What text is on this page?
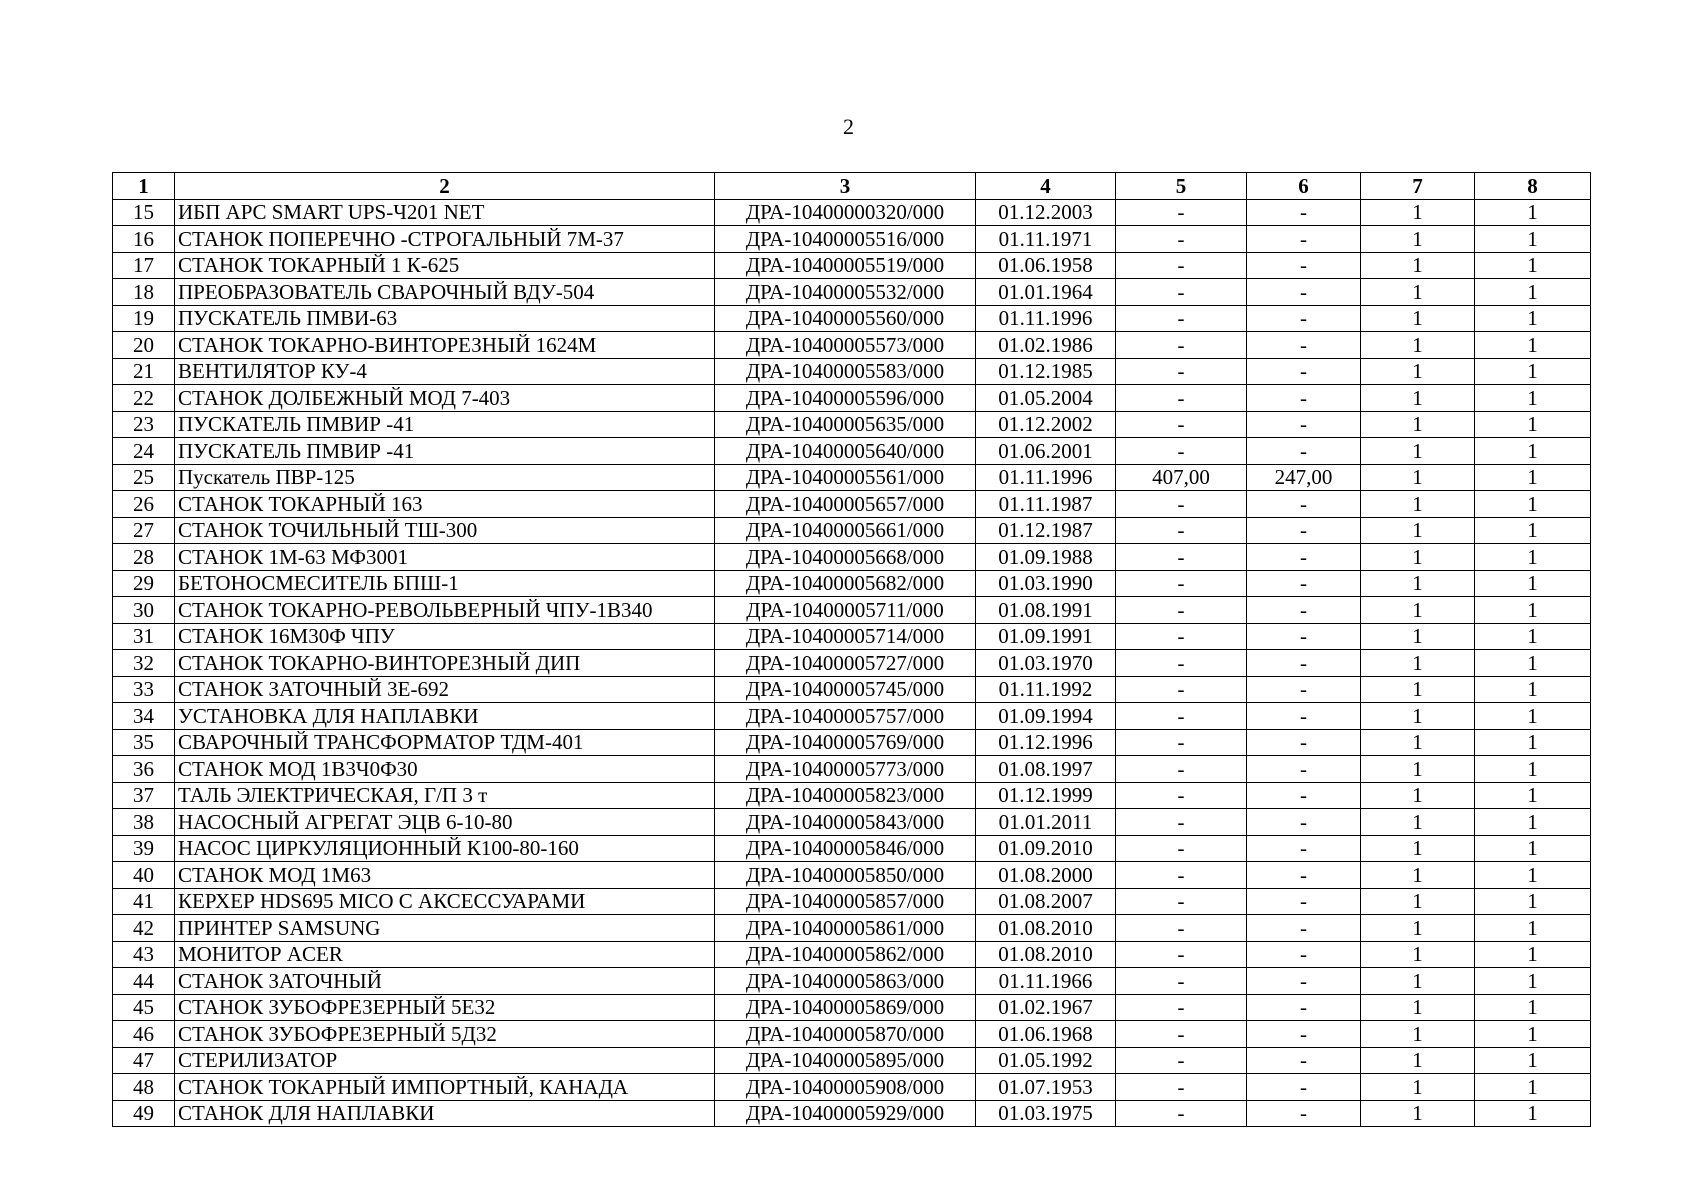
2
1	2	3	4	5	6	7	8
15	ИБП APC SMART UPS-Ч201 NET	ДРА-10400000320/000	01.12.2003	-	-	1	1
16	СТАНОК ПОПЕРЕЧНО -СТРОГАЛЬНЫЙ 7М-37	ДРА-10400005516/000	01.11.1971	-	-	1	1
17	СТАНОК ТОКАРНЫЙ 1 К-625	ДРА-10400005519/000	01.06.1958	-	-	1	1
18	ПРЕОБРАЗОВАТЕЛЬ СВАРОЧНЫЙ ВДУ-504	ДРА-10400005532/000	01.01.1964	-	-	1	1
19	ПУСКАТЕЛЬ ПМВИ-63	ДРА-10400005560/000	01.11.1996	-	-	1	1
20	СТАНОК ТОКАРНО-ВИНТОРЕЗНЫЙ 1624М	ДРА-10400005573/000	01.02.1986	-	-	1	1
21	ВЕНТИЛЯТОР КУ-4	ДРА-10400005583/000	01.12.1985	-	-	1	1
22	СТАНОК ДОЛБЕЖНЫЙ МОД 7-403	ДРА-10400005596/000	01.05.2004	-	-	1	1
23	ПУСКАТЕЛЬ ПМВИР -41	ДРА-10400005635/000	01.12.2002	-	-	1	1
24	ПУСКАТЕЛЬ ПМВИР -41	ДРА-10400005640/000	01.06.2001	-	-	1	1
25	Пускатель ПВР-125	ДРА-10400005561/000	01.11.1996	407,00	247,00	1	1
26	СТАНОК ТОКАРНЫЙ 163	ДРА-10400005657/000	01.11.1987	-	-	1	1
27	СТАНОК ТОЧИЛЬНЫЙ ТШ-300	ДРА-10400005661/000	01.12.1987	-	-	1	1
28	СТАНОК 1М-63 МФ3001	ДРА-10400005668/000	01.09.1988	-	-	1	1
29	БЕТОНОСМЕСИТЕЛЬ БПШ-1	ДРА-10400005682/000	01.03.1990	-	-	1	1
30	СТАНОК ТОКАРНО-РЕВОЛЬВЕРНЫЙ ЧПУ-1В340	ДРА-10400005711/000	01.08.1991	-	-	1	1
31	СТАНОК 16М30Ф ЧПУ	ДРА-10400005714/000	01.09.1991	-	-	1	1
32	СТАНОК ТОКАРНО-ВИНТОРЕЗНЫЙ ДИП	ДРА-10400005727/000	01.03.1970	-	-	1	1
33	СТАНОК ЗАТОЧНЫЙ 3Е-692	ДРА-10400005745/000	01.11.1992	-	-	1	1
34	УСТАНОВКА ДЛЯ НАПЛАВКИ	ДРА-10400005757/000	01.09.1994	-	-	1	1
35	СВАРОЧНЫЙ ТРАНСФОРМАТОР ТДМ-401	ДРА-10400005769/000	01.12.1996	-	-	1	1
36	СТАНОК МОД 1В3Ч0Ф30	ДРА-10400005773/000	01.08.1997	-	-	1	1
37	ТАЛЬ ЭЛЕКТРИЧЕСКАЯ, Г/П 3 т	ДРА-10400005823/000	01.12.1999	-	-	1	1
38	НАСОСНЫЙ АГРЕГАТ ЭЦВ 6-10-80	ДРА-10400005843/000	01.01.2011	-	-	1	1
39	НАСОС ЦИРКУЛЯЦИОННЫЙ К100-80-160	ДРА-10400005846/000	01.09.2010	-	-	1	1
40	СТАНОК МОД 1М63	ДРА-10400005850/000	01.08.2000	-	-	1	1
41	КЕРХЕР HDS695 MICO С АКСЕССУАРАМИ	ДРА-10400005857/000	01.08.2007	-	-	1	1
42	ПРИНТЕР SAMSUNG	ДРА-10400005861/000	01.08.2010	-	-	1	1
43	МОНИТОР ACER	ДРА-10400005862/000	01.08.2010	-	-	1	1
44	СТАНОК ЗАТОЧНЫЙ	ДРА-10400005863/000	01.11.1966	-	-	1	1
45	СТАНОК ЗУБОФРЕЗЕРНЫЙ 5Е32	ДРА-10400005869/000	01.02.1967	-	-	1	1
46	СТАНОК ЗУБОФРЕЗЕРНЫЙ 5Д32	ДРА-10400005870/000	01.06.1968	-	-	1	1
47	СТЕРИЛИЗАТОР	ДРА-10400005895/000	01.05.1992	-	-	1	1
48	СТАНОК ТОКАРНЫЙ ИМПОРТНЫЙ, КАНАДА	ДРА-10400005908/000	01.07.1953	-	-	1	1
49	СТАНОК ДЛЯ НАПЛАВКИ	ДРА-10400005929/000	01.03.1975	-	-	1	1
